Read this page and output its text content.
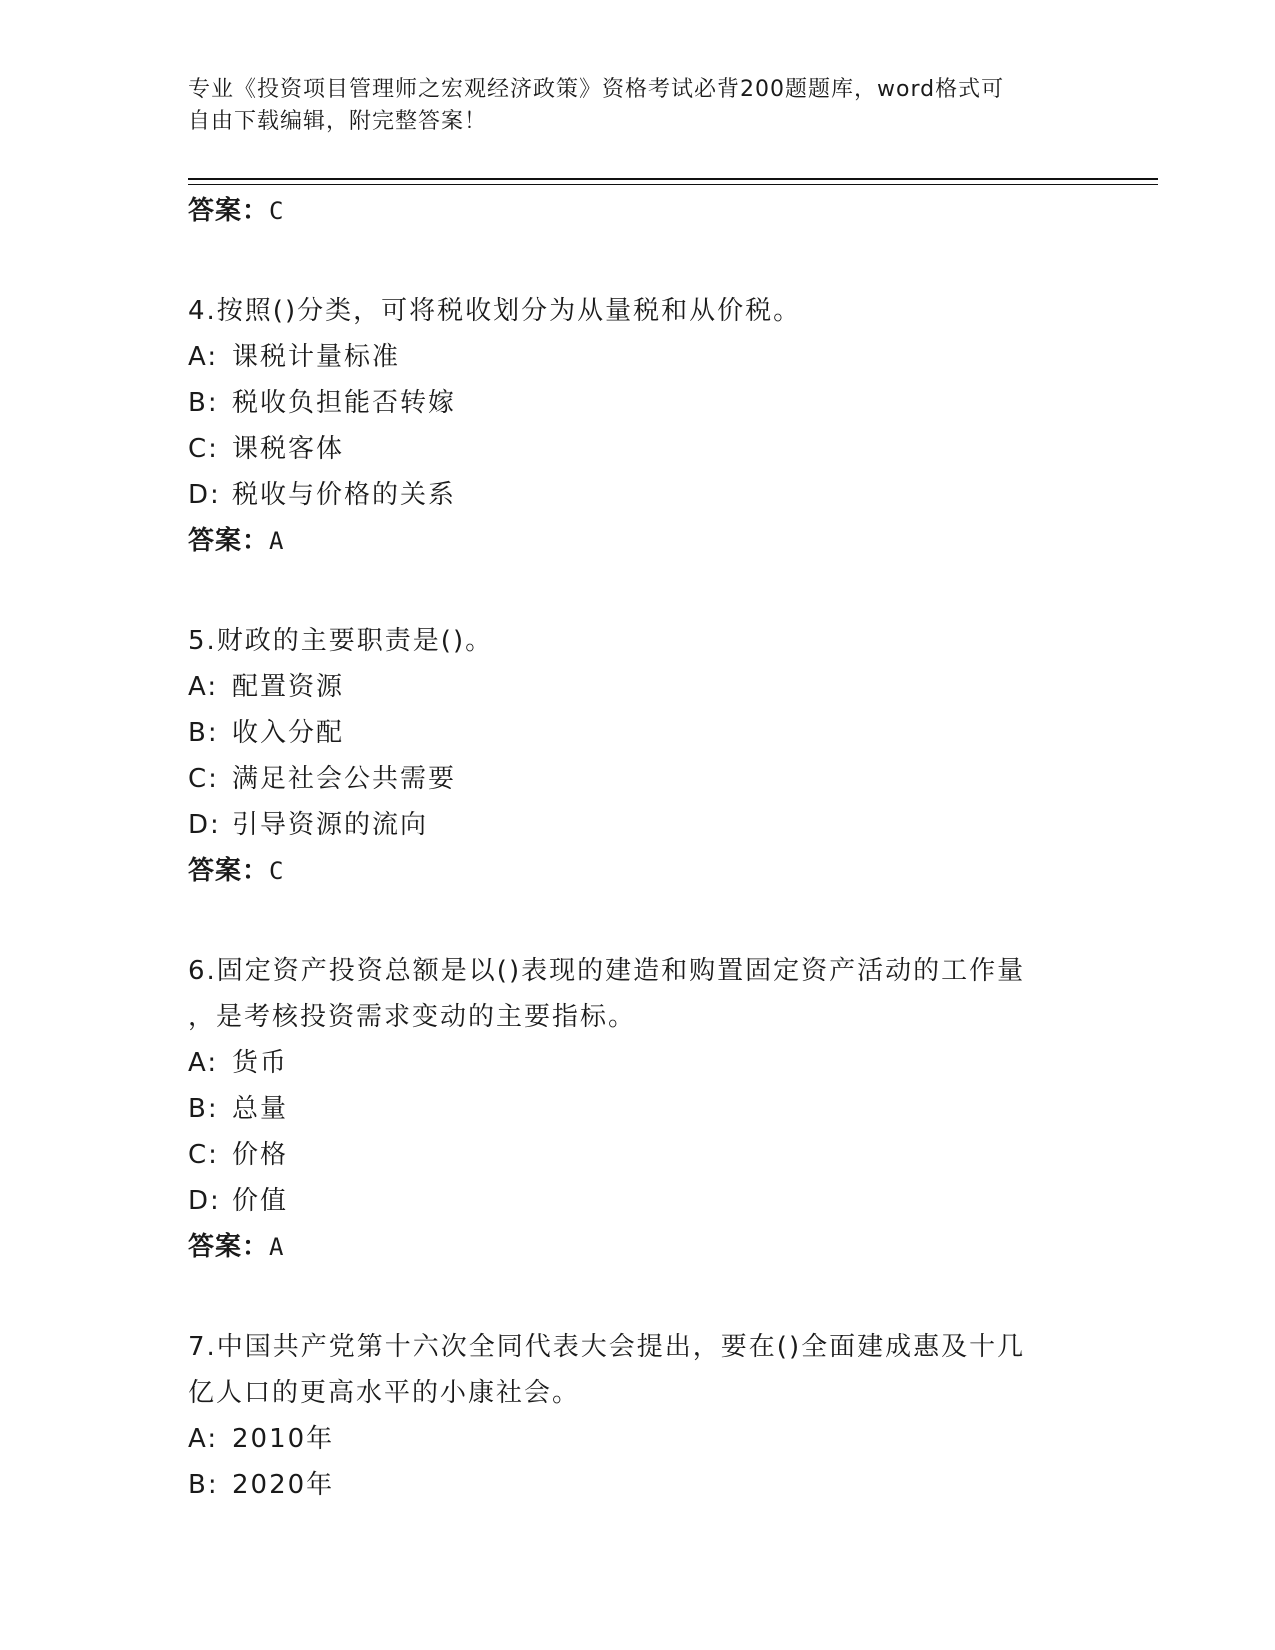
专业《投资项目管理师之宏观经济政策》资格考试必背200题题库，word格式可
自由下载编辑，附完整答案！

答案：C

4.按照()分类，可将税收划分为从量税和从价税。

A: 课税计量标准

B: 税收负担能否转嫁

C: 课税客体

D: 税收与价格的关系

答案：A

5.财政的主要职责是()。

A: 配置资源

B: 收入分配

C: 满足社会公共需要

D: 引导资源的流向

答案：C

6.固定资产投资总额是以()表现的建造和购置固定资产活动的工作量

，是考核投资需求变动的主要指标。

A: 货币

B: 总量

C: 价格

D: 价值

答案：A

7.中国共产党第十六次全同代表大会提出，要在()全面建成惠及十几

亿人口的更高水平的小康社会。

A: 2010年

B: 2020年
